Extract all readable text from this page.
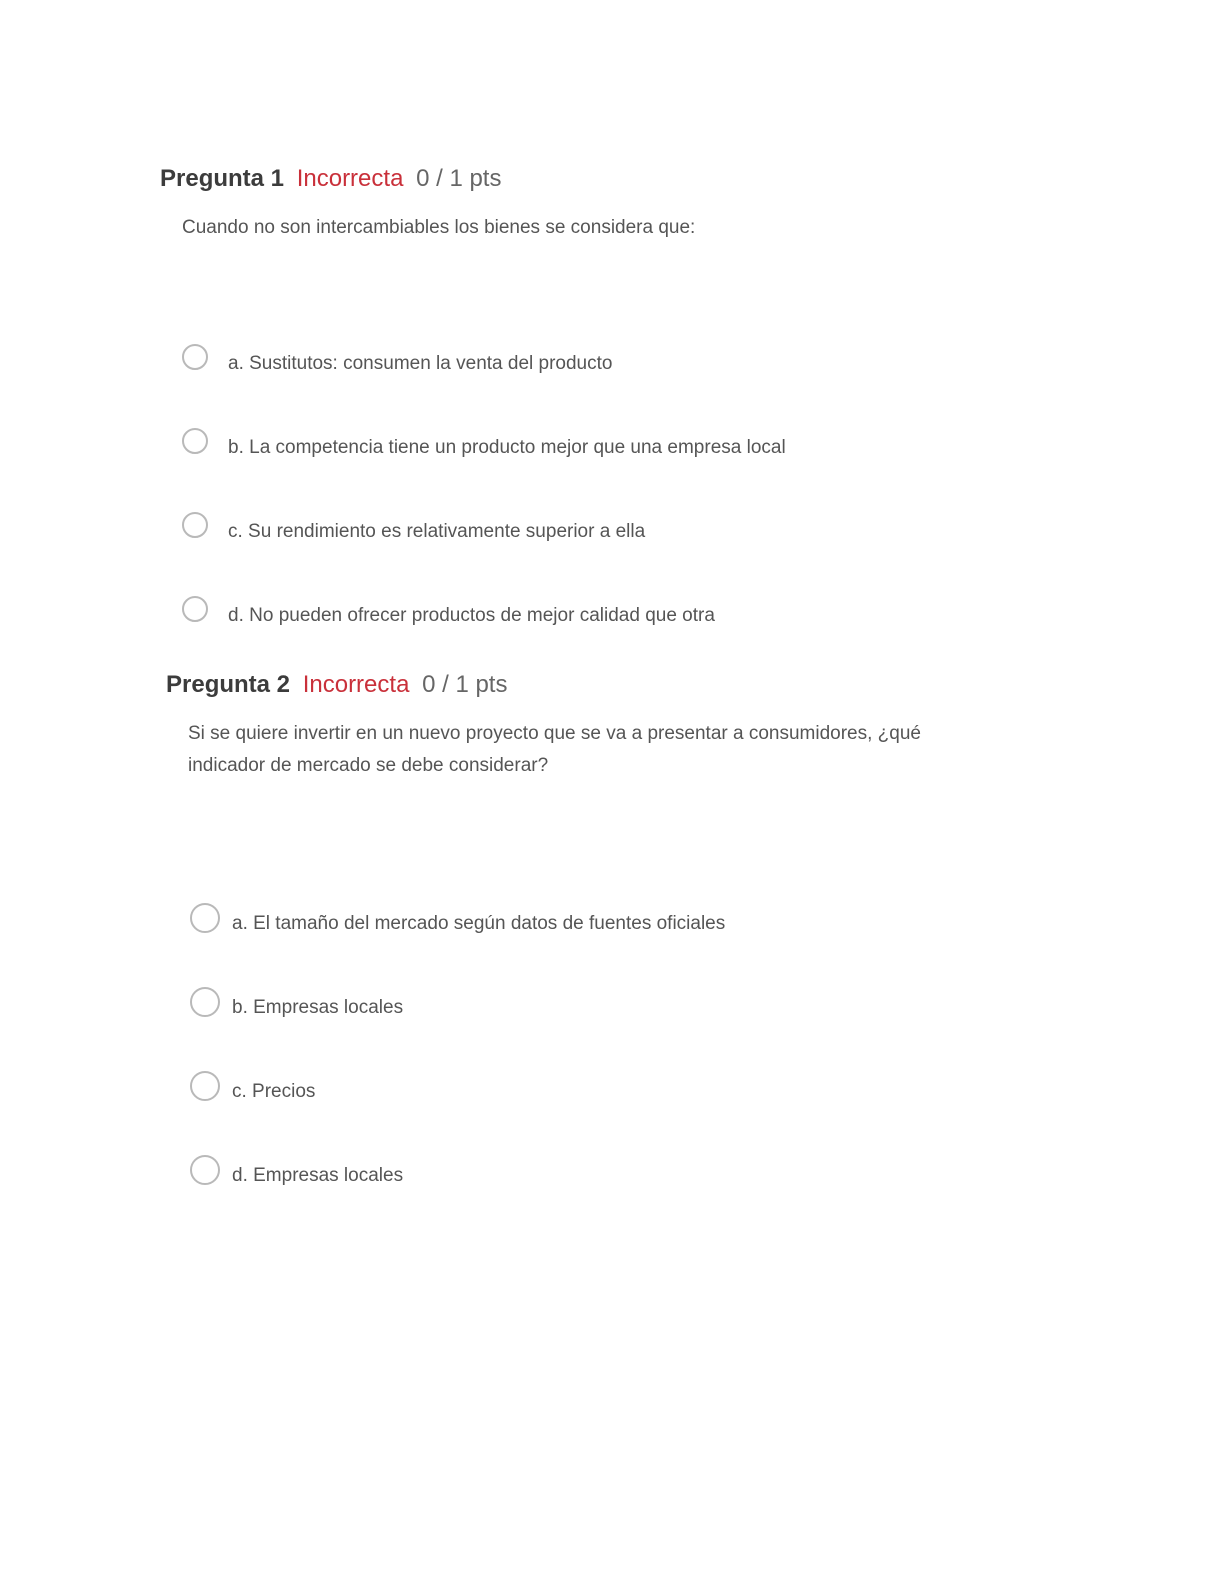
Pregunta 1 Incorrecta 0 / 1 pts
Cuando no son intercambiables los bienes se considera que:
a. Sustitutos: consumen la venta del producto
b. La competencia tiene un producto mejor que una empresa local
c. Su rendimiento es relativamente superior a ella
d. No pueden ofrecer productos de mejor calidad que otra
Pregunta 2 Incorrecta 0 / 1 pts
Si se quiere invertir en un nuevo proyecto que se va a presentar a consumidores, ¿qué indicador de mercado se debe considerar?
a. El tamaño del mercado según datos de fuentes oficiales
b. Empresas locales
c. Precios
d. Empresas locales
